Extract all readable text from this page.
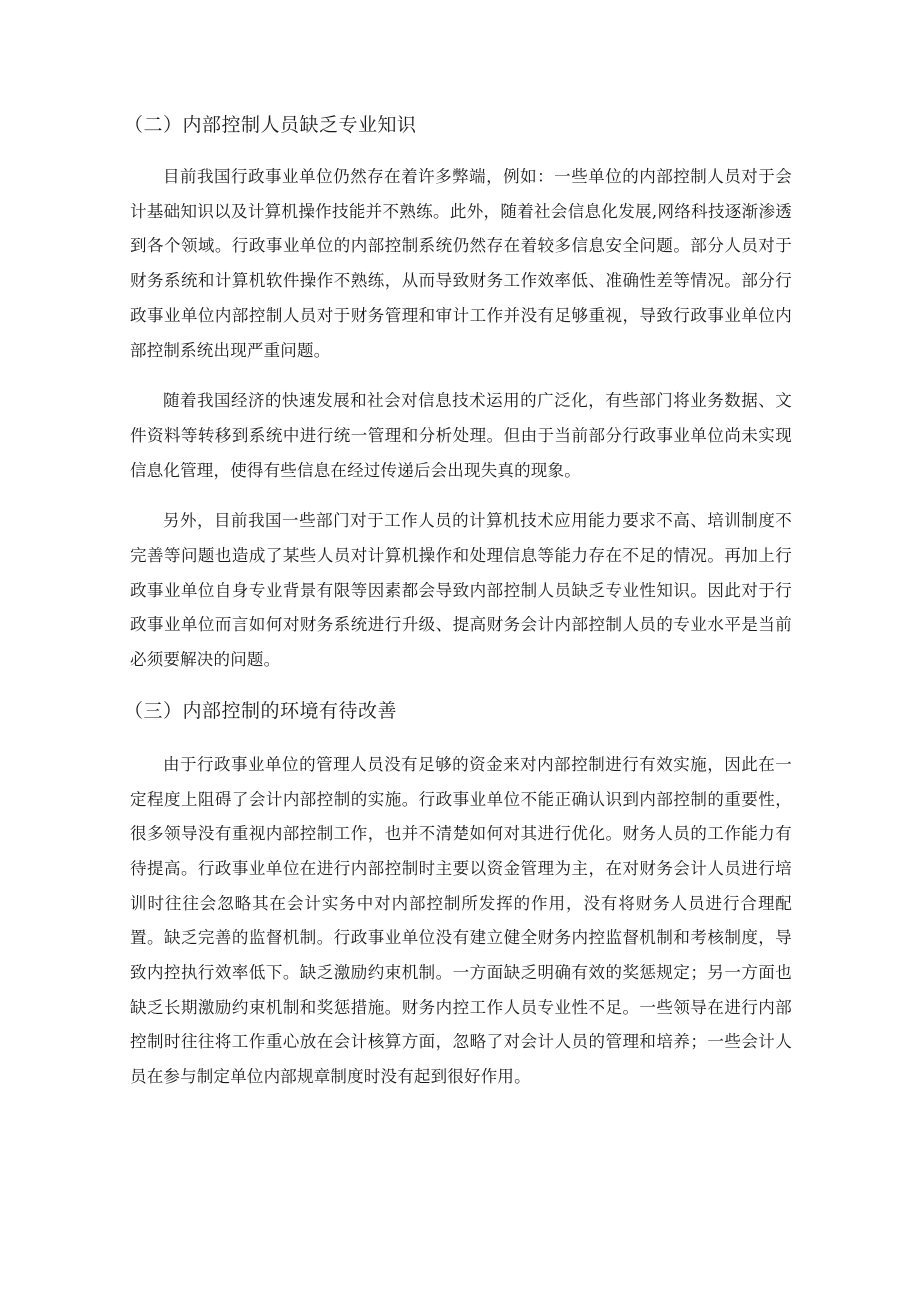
（二）内部控制人员缺乏专业知识

目前我国行政事业单位仍然存在着许多弊端，例如：一些单位的内部控制人员对于会计基础知识以及计算机操作技能并不熟练。此外，随着社会信息化发展,网络科技逐渐渗透到各个领域。行政事业单位的内部控制系统仍然存在着较多信息安全问题。部分人员对于财务系统和计算机软件操作不熟练，从而导致财务工作效率低、准确性差等情况。部分行政事业单位内部控制人员对于财务管理和审计工作并没有足够重视，导致行政事业单位内部控制系统出现严重问题。

随着我国经济的快速发展和社会对信息技术运用的广泛化，有些部门将业务数据、文件资料等转移到系统中进行统一管理和分析处理。但由于当前部分行政事业单位尚未实现信息化管理，使得有些信息在经过传递后会出现失真的现象。

另外，目前我国一些部门对于工作人员的计算机技术应用能力要求不高、培训制度不完善等问题也造成了某些人员对计算机操作和处理信息等能力存在不足的情况。再加上行政事业单位自身专业背景有限等因素都会导致内部控制人员缺乏专业性知识。因此对于行政事业单位而言如何对财务系统进行升级、提高财务会计内部控制人员的专业水平是当前必须要解决的问题。

（三）内部控制的环境有待改善

由于行政事业单位的管理人员没有足够的资金来对内部控制进行有效实施，因此在一定程度上阻碍了会计内部控制的实施。行政事业单位不能正确认识到内部控制的重要性，很多领导没有重视内部控制工作，也并不清楚如何对其进行优化。财务人员的工作能力有待提高。行政事业单位在进行内部控制时主要以资金管理为主，在对财务会计人员进行培训时往往会忽略其在会计实务中对内部控制所发挥的作用，没有将财务人员进行合理配置。缺乏完善的监督机制。行政事业单位没有建立健全财务内控监督机制和考核制度，导致内控执行效率低下。缺乏激励约束机制。一方面缺乏明确有效的奖惩规定；另一方面也缺乏长期激励约束机制和奖惩措施。财务内控工作人员专业性不足。一些领导在进行内部控制时往往将工作重心放在会计核算方面，忽略了对会计人员的管理和培养；一些会计人员在参与制定单位内部规章制度时没有起到很好作用。
